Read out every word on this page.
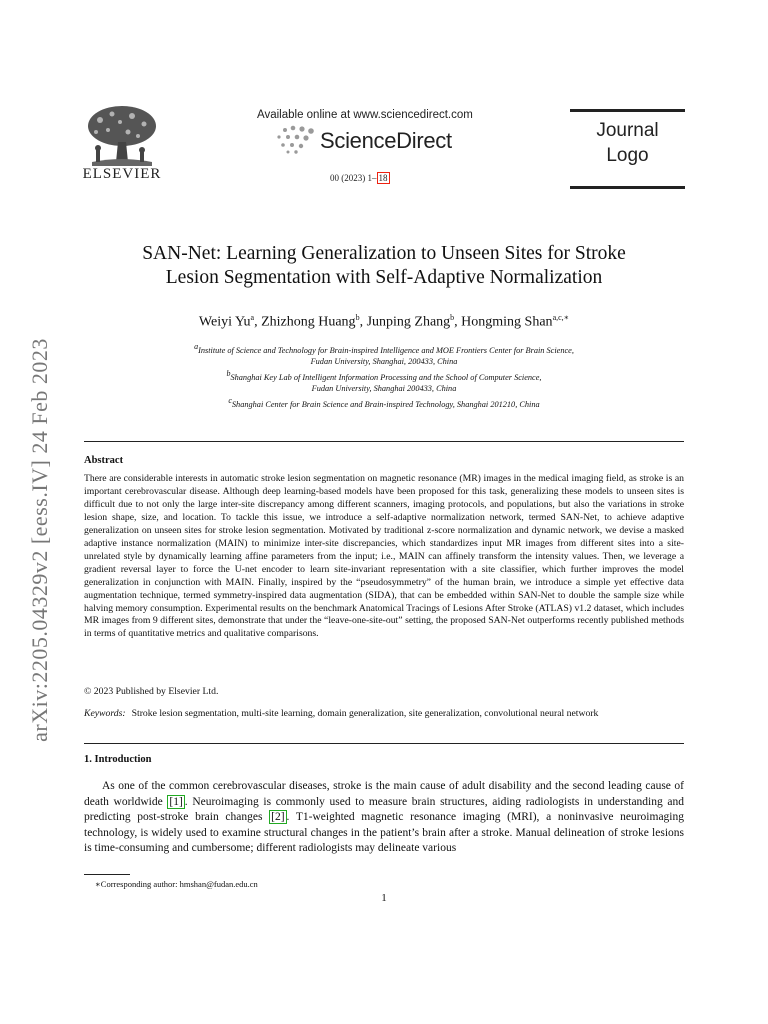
arXiv:2205.04329v2 [eess.IV] 24 Feb 2023
ELSEVIER
Available online at www.sciencedirect.com
ScienceDirect
00 (2023) 1– 18
Journal
Logo
SAN-Net: Learning Generalization to Unseen Sites for Stroke
Lesion Segmentation with Self-Adaptive Normalization
Weiyi Yu$^a$, Zhizhong Huang$^b$, Junping Zhang$^b$, Hongming Shan$^{a,c,∗}$
$^a$Institute of Science and Technology for Brain-inspired Intelligence and MOE Frontiers Center for Brain Science,
Fudan University, Shanghai, 200433, China
$^b$Shanghai Key Lab of Intelligent Information Processing and the School of Computer Science,
Fudan University, Shanghai 200433, China
$^c$Shanghai Center for Brain Science and Brain-inspired Technology, Shanghai 201210, China
Abstract
There are considerable interests in automatic stroke lesion segmentation on magnetic resonance (MR) images in the medical imaging field, as stroke is an important cerebrovascular disease. Although deep learning-based models have been proposed for this task, generalizing these models to unseen sites is difficult due to not only the large inter-site discrepancy among different scanners, imaging protocols, and populations, but also the variations in stroke lesion shape, size, and location. To tackle this issue, we introduce a self-adaptive normalization network, termed SAN-Net, to achieve adaptive generalization on unseen sites for stroke lesion segmentation. Motivated by traditional z-score normalization and dynamic network, we devise a masked adaptive instance normalization (MAIN) to minimize inter-site discrepancies, which standardizes input MR images from different sites into a site-unrelated style by dynamically learning affine parameters from the input; i.e., MAIN can affinely transform the intensity values. Then, we leverage a gradient reversal layer to force the U-net encoder to learn site-invariant representation with a site classifier, which further improves the model generalization in conjunction with MAIN. Finally, inspired by the “pseudosymmetry” of the human brain, we introduce a simple yet effective data augmentation technique, termed symmetry-inspired data augmentation (SIDA), that can be embedded within SAN-Net to double the sample size while halving memory consumption. Experimental results on the benchmark Anatomical Tracings of Lesions After Stroke (ATLAS) v1.2 dataset, which includes MR images from 9 different sites, demonstrate that under the “leave-one-site-out” setting, the proposed SAN-Net outperforms recently published methods in terms of quantitative metrics and qualitative comparisons.
© 2023 Published by Elsevier Ltd.
Keywords: Stroke lesion segmentation, multi-site learning, domain generalization, site generalization, convolutional neural network
1. Introduction
As one of the common cerebrovascular diseases, stroke is the main cause of adult disability and the second leading cause of death worldwide [1] . Neuroimaging is commonly used to measure brain structures, aiding radiologists in understanding and predicting post-stroke brain changes [2] . T1-weighted magnetic resonance imaging (MRI), a noninvasive neuroimaging technology, is widely used to examine structural changes in the patient’s brain after a stroke. Manual delineation of stroke lesions is time-consuming and cumbersome; different radiologists may delineate various
∗Corresponding author: hmshan@fudan.edu.cn
1
